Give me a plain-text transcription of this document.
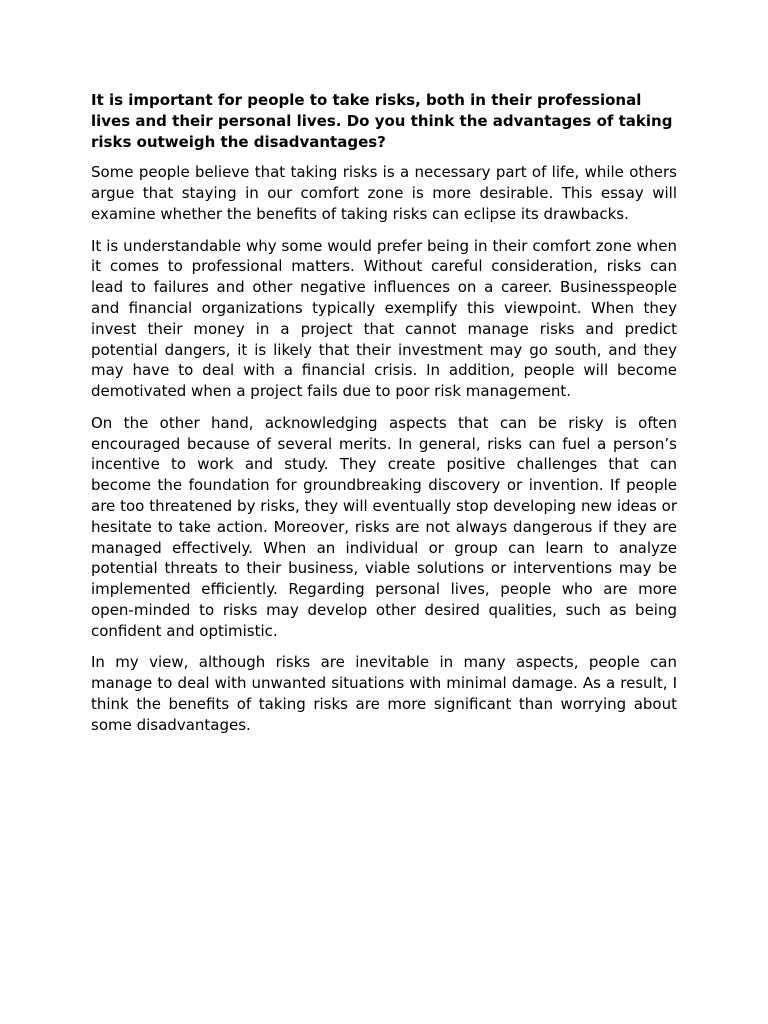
It is important for people to take risks, both in their professional lives and their personal lives. Do you think the advantages of taking risks outweigh the disadvantages?

Some people believe that taking risks is a necessary part of life, while others argue that staying in our comfort zone is more desirable. This essay will examine whether the benefits of taking risks can eclipse its drawbacks.

It is understandable why some would prefer being in their comfort zone when it comes to professional matters. Without careful consideration, risks can lead to failures and other negative influences on a career. Businesspeople and financial organizations typically exemplify this viewpoint. When they invest their money in a project that cannot manage risks and predict potential dangers, it is likely that their investment may go south, and they may have to deal with a financial crisis. In addition, people will become demotivated when a project fails due to poor risk management.

On the other hand, acknowledging aspects that can be risky is often encouraged because of several merits. In general, risks can fuel a person’s incentive to work and study. They create positive challenges that can become the foundation for groundbreaking discovery or invention. If people are too threatened by risks, they will eventually stop developing new ideas or hesitate to take action. Moreover, risks are not always dangerous if they are managed effectively. When an individual or group can learn to analyze potential threats to their business, viable solutions or interventions may be implemented efficiently. Regarding personal lives, people who are more open-minded to risks may develop other desired qualities, such as being confident and optimistic.

In my view, although risks are inevitable in many aspects, people can manage to deal with unwanted situations with minimal damage. As a result, I think the benefits of taking risks are more significant than worrying about some disadvantages.
